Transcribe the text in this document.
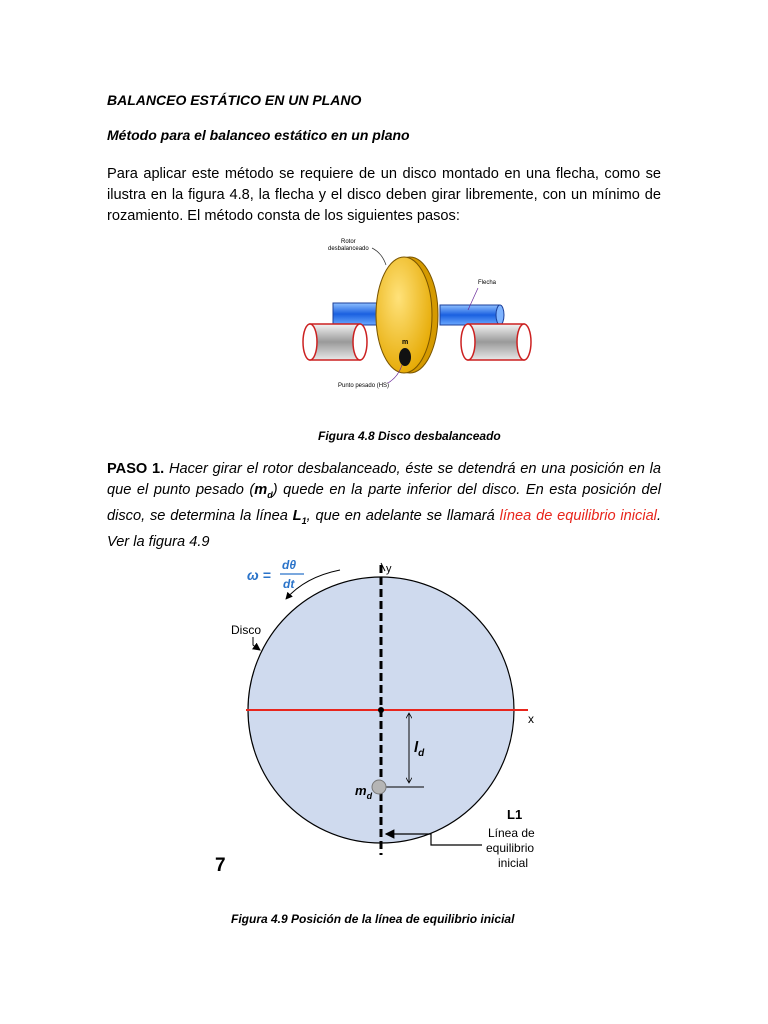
BALANCEO ESTÁTICO EN UN PLANO
Método para el balanceo estático en un plano
Para aplicar este método se requiere de un disco montado en una flecha, como se ilustra en la figura 4.8, la flecha y el disco deben girar libremente, con un mínimo de rozamiento. El método consta de los siguientes pasos:
m
Rotor
desbalanceado
Flecha
Punto pesado (HS)
Figura 4.8 Disco desbalanceado
PASO 1. Hacer girar el rotor desbalanceado, éste se detendrá en una posición en la que el punto pesado $(m_d)$ quede en la parte inferior del disco. En esta posición del disco, se determina la línea $L_1$, que en adelante se llamará línea de equilibrio inicial. Ver la figura 4.9
x
y
$l_d$
$m_d$
ω =
dθ
dt
Disco
L1
Línea de
equilibrio
inicial
7
Figura 4.9 Posición de la línea de equilibrio inicial
